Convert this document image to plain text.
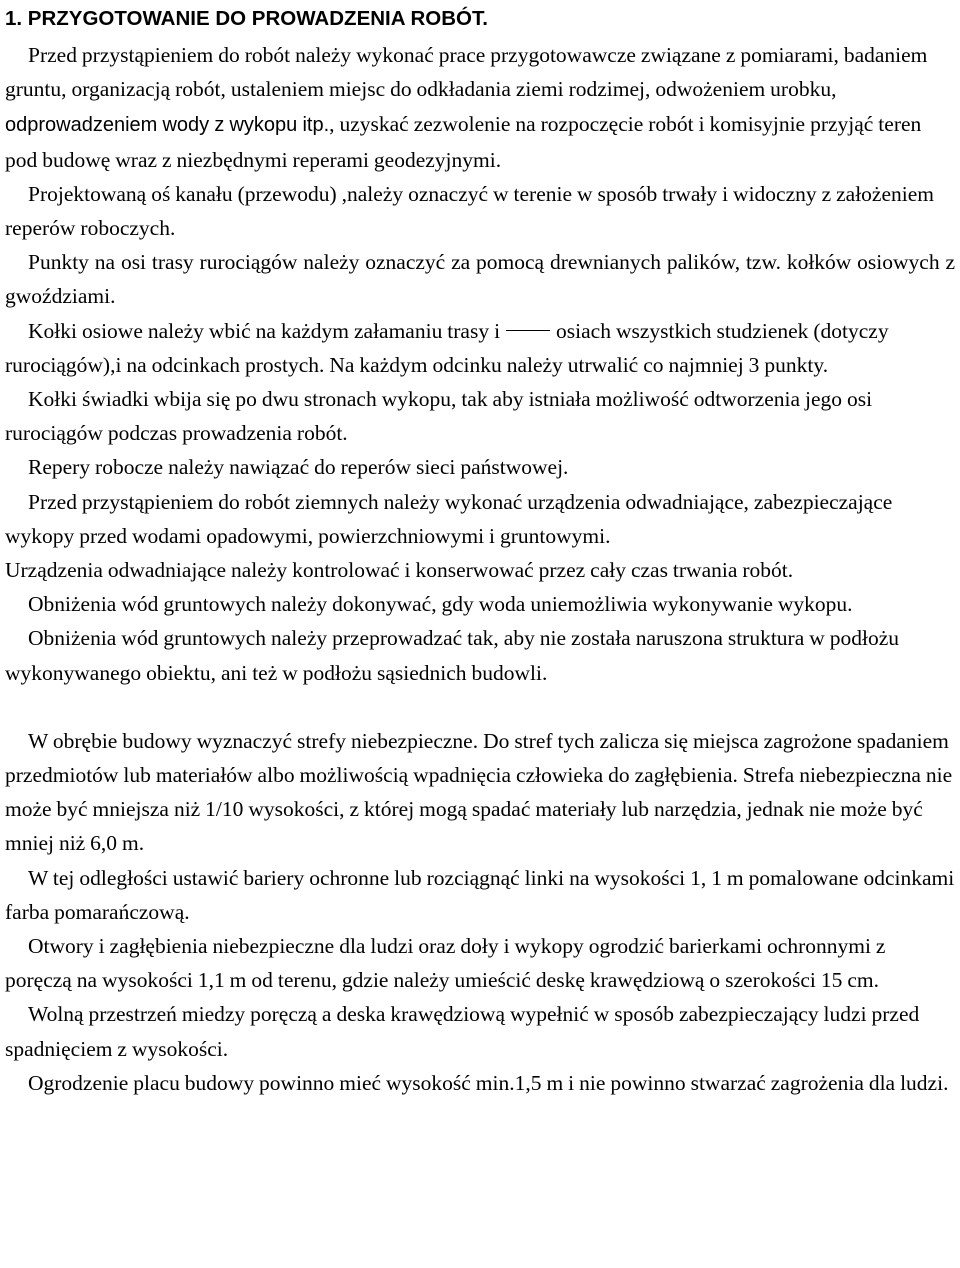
1. PRZYGOTOWANIE DO PROWADZENIA ROBÓT.

Przed przystąpieniem do robót należy wykonać prace przygotowawcze związane z pomiarami, badaniem gruntu, organizacją robót, ustaleniem miejsc do odkładania ziemi rodzimej, odwożeniem urobku, odprowadzeniem wody z wykopu itp., uzyskać zezwolenie na rozpoczęcie robót i komisyjnie przyjąć teren pod budowę wraz z niezbędnymi reperami geodezyjnymi.

Projektowaną oś kanału (przewodu) ,należy oznaczyć w terenie w sposób trwały i widoczny z założeniem reperów roboczych.

Punkty na osi trasy rurociągów należy oznaczyć za pomocą drewnianych palików, tzw. kołków osiowych z gwoździami.

Kołki osiowe należy wbić na każdym załamaniu trasy i	osiach wszystkich studzienek (dotyczy rurociągów),i na odcinkach prostych. Na każdym odcinku należy utrwalić co najmniej 3 punkty.

Kołki świadki wbija się po dwu stronach wykopu, tak aby istniała możliwość odtworzenia jego osi rurociągów podczas prowadzenia robót.

Repery robocze należy nawiązać do reperów sieci państwowej.

Przed przystąpieniem do robót ziemnych należy wykonać urządzenia odwadniające, zabezpieczające wykopy przed wodami opadowymi, powierzchniowymi i gruntowymi.

Urządzenia odwadniające należy kontrolować i konserwować przez cały czas trwania robót.

Obniżenia wód gruntowych należy dokonywać, gdy woda uniemożliwia wykonywanie wykopu.

Obniżenia wód gruntowych należy przeprowadzać tak, aby nie została naruszona struktura w podłożu wykonywanego obiektu, ani też w podłożu sąsiednich budowli.

W obrębie budowy wyznaczyć strefy niebezpieczne. Do stref tych zalicza się miejsca zagrożone spadaniem przedmiotów lub materiałów albo możliwością wpadnięcia człowieka do zagłębienia. Strefa niebezpieczna nie może być mniejsza niż 1/10 wysokości, z której mogą spadać materiały lub narzędzia, jednak nie może być mniej niż 6,0 m.

W tej odległości ustawić bariery ochronne lub rozciągnąć linki na wysokości 1, 1 m pomalowane odcinkami farba pomarańczową.

Otwory i zagłębienia niebezpieczne dla ludzi oraz doły i wykopy ogrodzić barierkami ochronnymi z poręczą na wysokości 1,1 m od terenu, gdzie należy umieścić deskę krawędziową o szerokości 15 cm.

Wolną przestrzeń miedzy poręczą a deska krawędziową wypełnić w sposób zabezpieczający ludzi przed spadnięciem z wysokości.

Ogrodzenie placu budowy powinno mieć wysokość min.1,5 m i nie powinno stwarzać zagrożenia dla ludzi.
